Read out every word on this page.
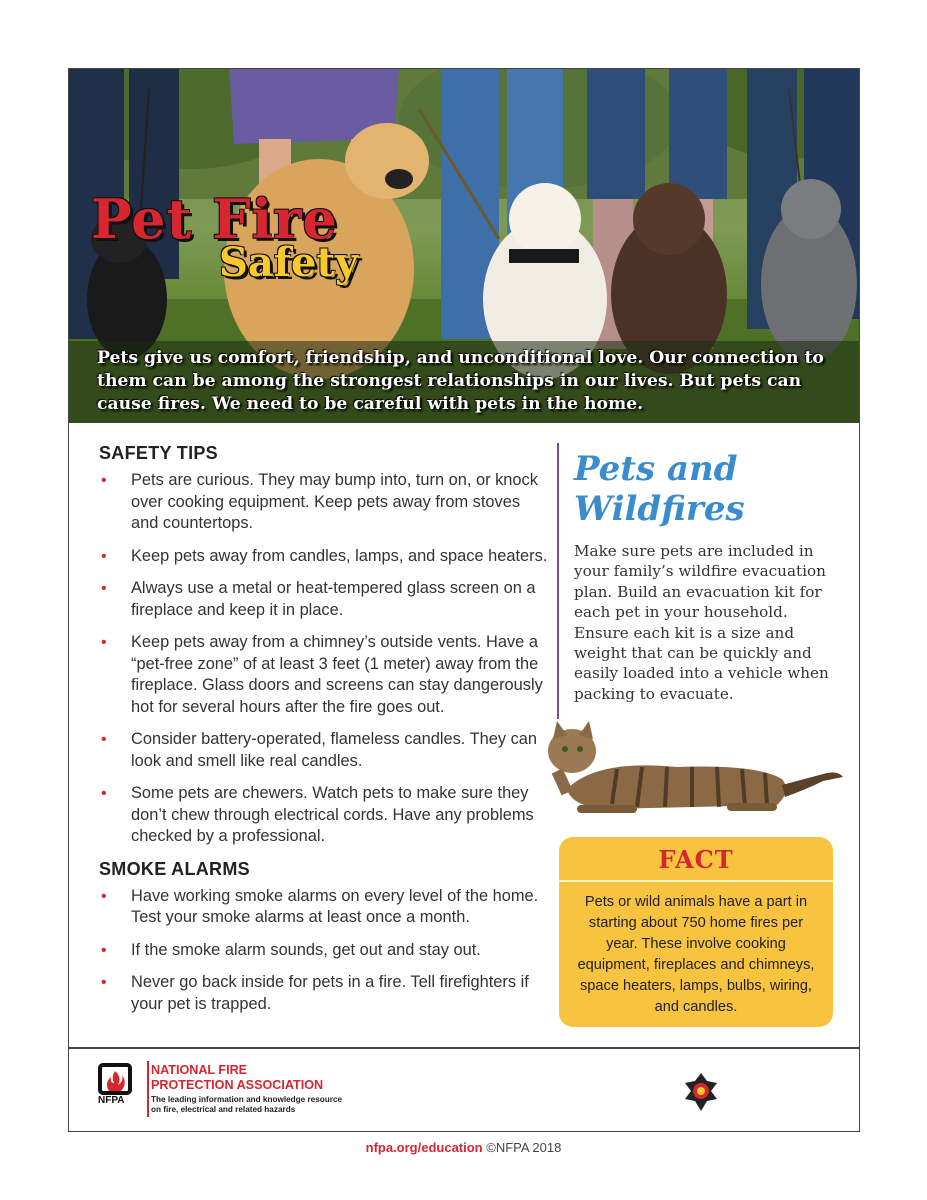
Pet Fire
Safety
Pets give us comfort, friendship, and unconditional love. Our connection to them can be among the strongest relationships in our lives. But pets can cause fires. We need to be careful with pets in the home.
SAFETY TIPS
• Pets are curious. They may bump into, turn on, or knock over cooking equipment. Keep pets away from stoves and countertops.
• Keep pets away from candles, lamps, and space heaters.
• Always use a metal or heat-tempered glass screen on a fireplace and keep it in place.
• Keep pets away from a chimney’s outside vents. Have a “pet-free zone” of at least 3 feet (1 meter) away from the fireplace. Glass doors and screens can stay dangerously hot for several hours after the fire goes out.
• Consider battery-operated, flameless candles. They can look and smell like real candles.
• Some pets are chewers. Watch pets to make sure they don’t chew through electrical cords. Have any problems checked by a professional.
SMOKE ALARMS
• Have working smoke alarms on every level of the home. Test your smoke alarms at least once a month.
• If the smoke alarm sounds, get out and stay out.
• Never go back inside for pets in a fire. Tell firefighters if your pet is trapped.
Pets and
Wildfires
Make sure pets are included in your family’s wildfire evacuation plan. Build an evacuation kit for each pet in your household. Ensure each kit is a size and weight that can be quickly and easily loaded into a vehicle when packing to evacuate.
FACT
Pets or wild animals have a part in starting about 750 home fires per year. These involve cooking equipment, fireplaces and chimneys, space heaters, lamps, bulbs, wiring, and candles.
NFPA
NATIONAL FIRE
PROTECTION ASSOCIATION
The leading information and knowledge resource
on fire, electrical and related hazards
nfpa.org/education ©NFPA 2018
